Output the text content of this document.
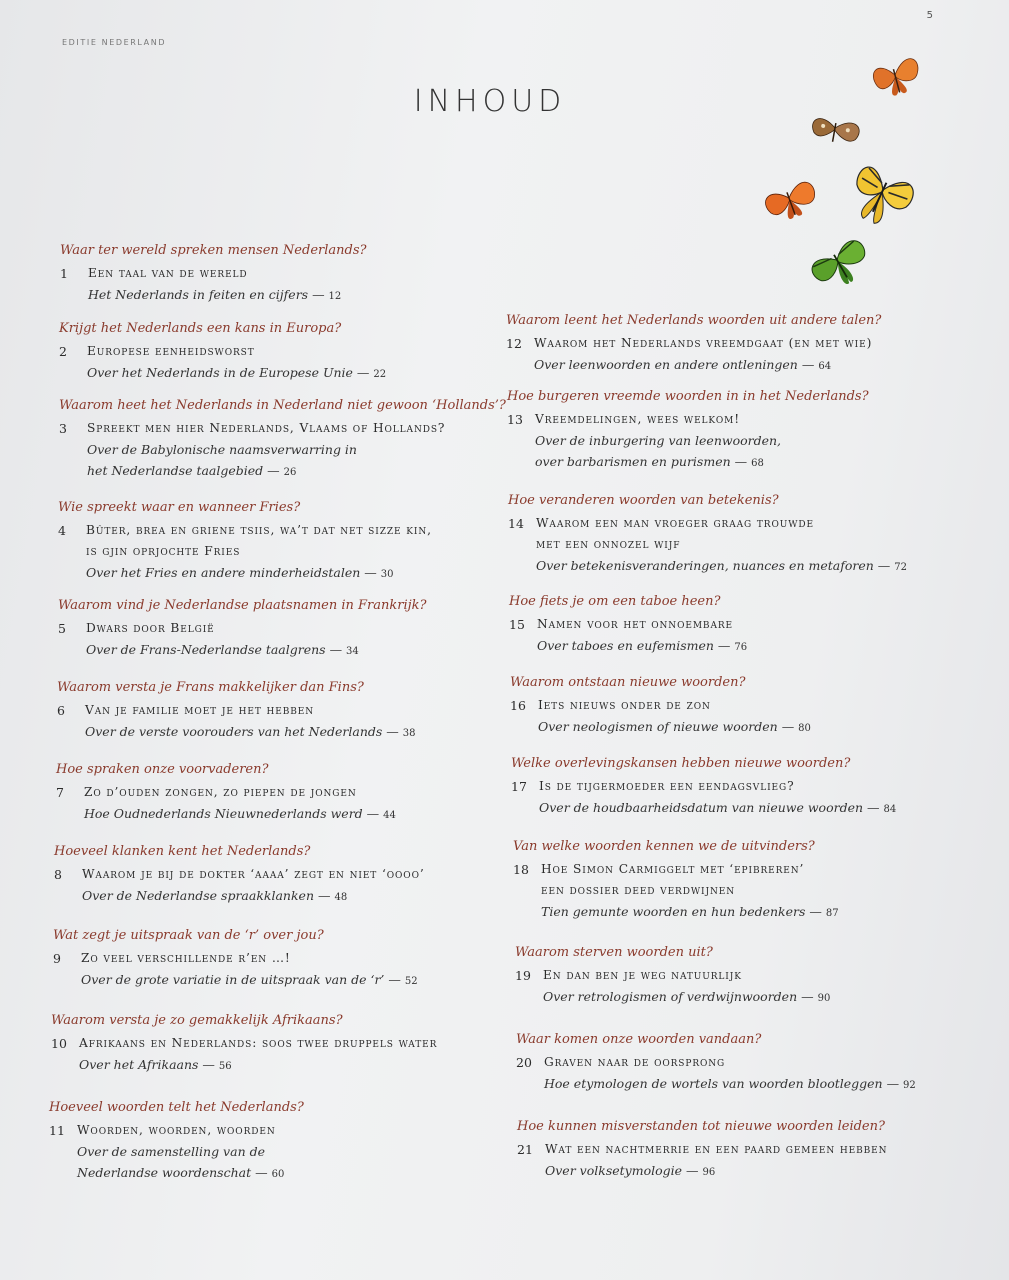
5
EDITIE NEDERLAND
INHOUD
Waar ter wereld spreken mensen Nederlands?
1	Een taal van de wereld
Het Nederlands in feiten en cijfers — 12
Krijgt het Nederlands een kans in Europa?
2	Europese eenheidsworst
Over het Nederlands in de Europese Unie — 22
Waarom heet het Nederlands in Nederland niet gewoon ‘Hollands’?
3	Spreekt men hier Nederlands, Vlaams of Hollands?
Over de Babylonische naamsverwarring in
het Nederlandse taalgebied — 26
Wie spreekt waar en wanneer Fries?
4	Bûter, brea en griene tsiis, wa’t dat net sizze kin,
is gjin oprjochte Fries
Over het Fries en andere minderheidstalen — 30
Waarom vind je Nederlandse plaatsnamen in Frankrijk?
5	Dwars door België
Over de Frans-Nederlandse taalgrens — 34
Waarom versta je Frans makkelijker dan Fins?
6	Van je familie moet je het hebben
Over de verste voorouders van het Nederlands — 38
Hoe spraken onze voorvaderen?
7	Zo d’ouden zongen, zo piepen de jongen
Hoe Oudnederlands Nieuwnederlands werd — 44
Hoeveel klanken kent het Nederlands?
8	Waarom je bij de dokter ‘aaaa’ zegt en niet ‘oooo’
Over de Nederlandse spraakklanken — 48
Wat zegt je uitspraak van de ‘r’ over jou?
9	Zo veel verschillende r’en …!
Over de grote variatie in de uitspraak van de ‘r’ — 52
Waarom versta je zo gemakkelijk Afrikaans?
10 Afrikaans en Nederlands: soos twee druppels water
Over het Afrikaans — 56
Hoeveel woorden telt het Nederlands?
11 Woorden, woorden, woorden
Over de samenstelling van de
Nederlandse woordenschat — 60
Waarom leent het Nederlands woorden uit andere talen?
12 Waarom het Nederlands vreemdgaat (en met wie)
Over leenwoorden en andere ontleningen — 64
Hoe burgeren vreemde woorden in in het Nederlands?
13 Vreemdelingen, wees welkom!
Over de inburgering van leenwoorden,
over barbarismen en purismen — 68
Hoe veranderen woorden van betekenis?
14 Waarom een man vroeger graag trouwde
met een onnozel wijf
Over betekenisveranderingen, nuances en metaforen — 72
Hoe fiets je om een taboe heen?
15 Namen voor het onnoembare
Over taboes en eufemismen — 76
Waarom ontstaan nieuwe woorden?
16 Iets nieuws onder de zon
Over neologismen of nieuwe woorden — 80
Welke overlevingskansen hebben nieuwe woorden?
17 Is de tijgermoeder een eendagsvlieg?
Over de houdbaarheidsdatum van nieuwe woorden — 84
Van welke woorden kennen we de uitvinders?
18 Hoe Simon Carmiggelt met ‘epibreren’
een dossier deed verdwijnen
Tien gemunte woorden en hun bedenkers — 87
Waarom sterven woorden uit?
19 En dan ben je weg natuurlijk
Over retrologismen of verdwijnwoorden — 90
Waar komen onze woorden vandaan?
20 Graven naar de oorsprong
Hoe etymologen de wortels van woorden blootleggen — 92
Hoe kunnen misverstanden tot nieuwe woorden leiden?
21 Wat een nachtmerrie en een paard gemeen hebben
Over volksetymologie — 96
